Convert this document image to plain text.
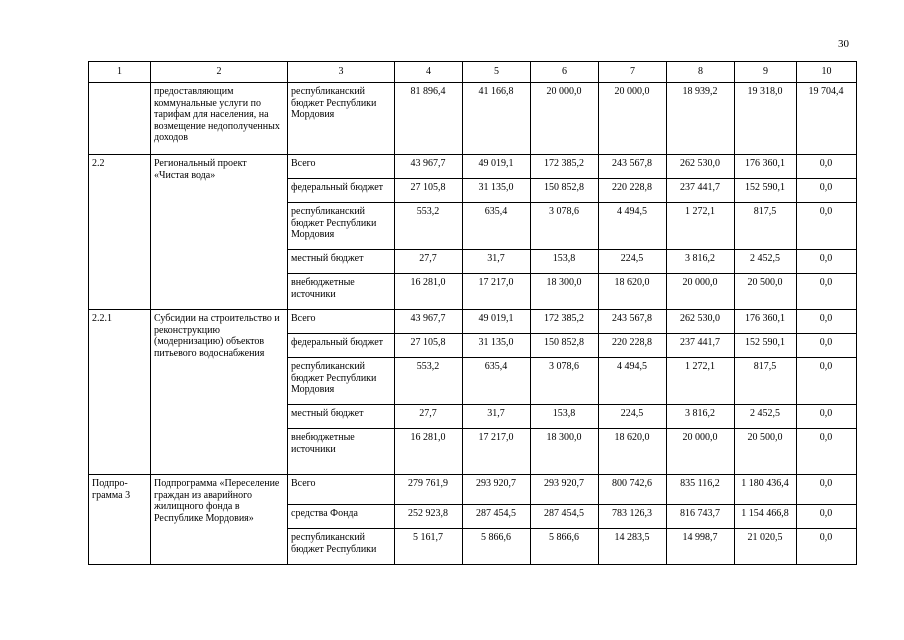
30
1	2	3	4	5	6	7	8	9	10
	предоставляющим коммунальные услуги по тарифам для населения, на возмещение недополученных доходов	республиканский бюджет Республики Мордовия	81 896,4	41 166,8	20 000,0	20 000,0	18 939,2	19 318,0	19 704,4
2.2	Региональный проект «Чистая вода»	Всего	43 967,7	49 019,1	172 385,2	243 567,8	262 530,0	176 360,1	0,0
		федеральный бюджет	27 105,8	31 135,0	150 852,8	220 228,8	237 441,7	152 590,1	0,0
		республиканский бюджет Республики Мордовия	553,2	635,4	3 078,6	4 494,5	1 272,1	817,5	0,0
		местный бюджет	27,7	31,7	153,8	224,5	3 816,2	2 452,5	0,0
		внебюджетные источники	16 281,0	17 217,0	18 300,0	18 620,0	20 000,0	20 500,0	0,0
2.2.1	Субсидии на строительство и реконструкцию (модернизацию) объектов питьевого водоснабжения	Всего	43 967,7	49 019,1	172 385,2	243 567,8	262 530,0	176 360,1	0,0
		федеральный бюджет	27 105,8	31 135,0	150 852,8	220 228,8	237 441,7	152 590,1	0,0
		республиканский бюджет Республики Мордовия	553,2	635,4	3 078,6	4 494,5	1 272,1	817,5	0,0
		местный бюджет	27,7	31,7	153,8	224,5	3 816,2	2 452,5	0,0
		внебюджетные источники	16 281,0	17 217,0	18 300,0	18 620,0	20 000,0	20 500,0	0,0
Подпро-грамма 3	Подпрограмма «Переселение граждан из аварийного жилищного фонда в Республике Мордовия»	Всего	279 761,9	293 920,7	293 920,7	800 742,6	835 116,2	1 180 436,4	0,0
		средства Фонда	252 923,8	287 454,5	287 454,5	783 126,3	816 743,7	1 154 466,8	0,0
		республиканский бюджет Республики	5 161,7	5 866,6	5 866,6	14 283,5	14 998,7	21 020,5	0,0
